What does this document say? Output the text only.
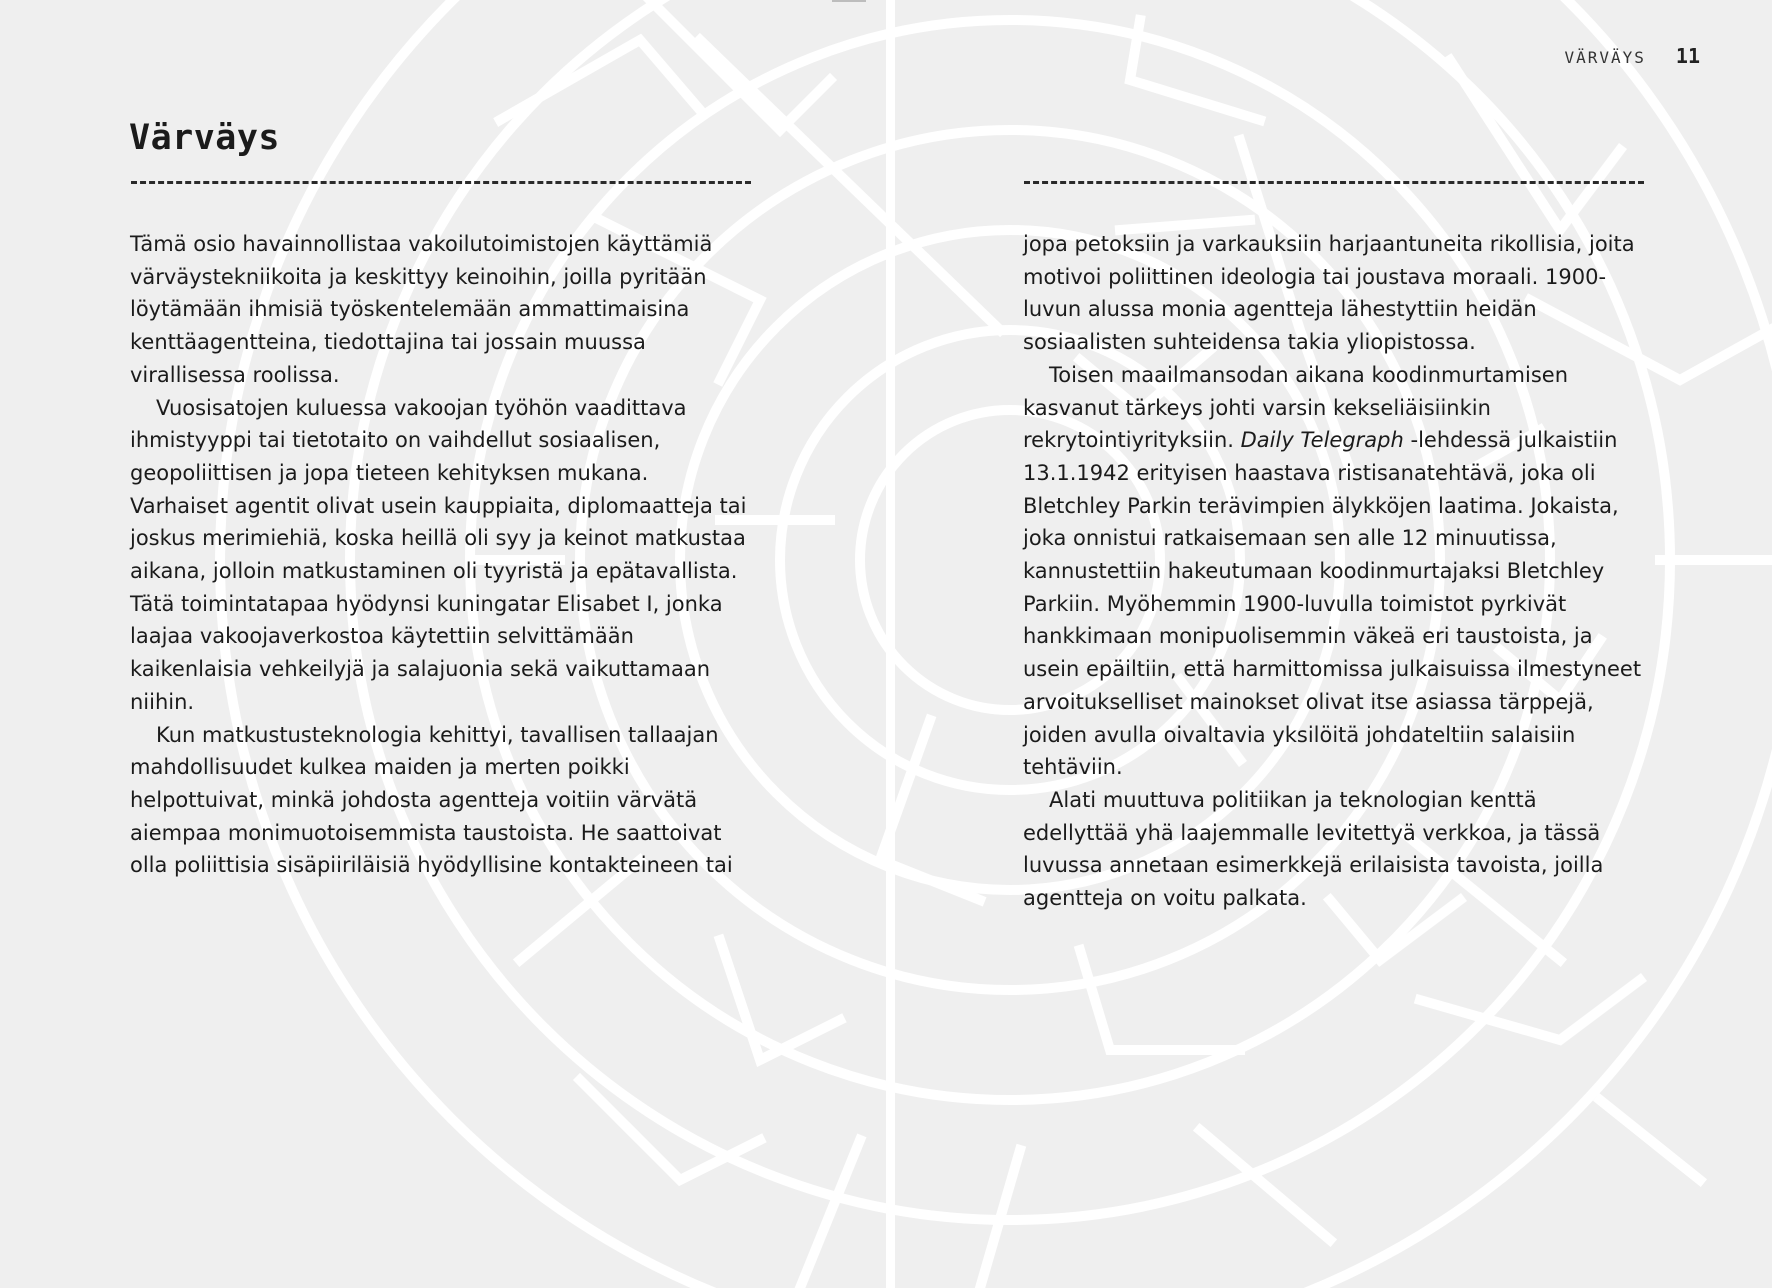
VÄRVÄYS 11
Värväys

Tämä osio havainnollistaa vakoilutoimistojen käyttämiä värväystekniikoita ja keskittyy keinoihin, joilla pyritään löytämään ihmisiä työskentelemään ammattimaisina kenttäagentteina, tiedottajina tai jossain muussa virallisessa roolissa.

Vuosisatojen kuluessa vakoojan työhön vaadittava ihmistyyppi tai tietotaito on vaihdellut sosiaalisen, geopoliittisen ja jopa tieteen kehityksen mukana. Varhaiset agentit olivat usein kauppiaita, diplomaatteja tai joskus merimiehiä, koska heillä oli syy ja keinot matkustaa aikana, jolloin matkustaminen oli tyyristä ja epätavallista. Tätä toimintatapaa hyödynsi kuningatar Elisabet I, jonka laajaa vakoojaverkostoa käytettiin selvittämään kaikenlaisia vehkeilyjä ja salajuonia sekä vaikuttamaan niihin.

Kun matkustusteknologia kehittyi, tavallisen tallaajan mahdollisuudet kulkea maiden ja merten poikki helpottuivat, minkä johdosta agentteja voitiin värvätä aiempaa monimuotoisemmista taustoista. He saattoivat olla poliittisia sisäpiiriläisiä hyödyllisine kontakteineen tai

jopa petoksiin ja varkauksiin harjaantuneita rikollisia, joita motivoi poliittinen ideologia tai joustava moraali. 1900-luvun alussa monia agentteja lähestyttiin heidän sosiaalisten suhteidensa takia yliopistossa.

Toisen maailmansodan aikana koodinmurtamisen kasvanut tärkeys johti varsin kekseliäisiinkin rekrytointiyrityksiin. Daily Telegraph -lehdessä julkaistiin 13.1.1942 erityisen haastava ristisanatehtävä, joka oli Bletchley Parkin terävimpien älykköjen laatima. Jokaista, joka onnistui ratkaisemaan sen alle 12 minuutissa, kannustettiin hakeutumaan koodinmurtajaksi Bletchley Parkiin. Myöhemmin 1900-luvulla toimistot pyrkivät hankkimaan monipuolisemmin väkeä eri taustoista, ja usein epäiltiin, että harmittomissa julkaisuissa ilmestyneet arvoitukselliset mainokset olivat itse asiassa tärppejä, joiden avulla oivaltavia yksilöitä johdateltiin salaisiin tehtäviin.

Alati muuttuva politiikan ja teknologian kenttä edellyttää yhä laajemmalle levitettyä verkkoa, ja tässä luvussa annetaan esimerkkejä erilaisista tavoista, joilla agentteja on voitu palkata.
